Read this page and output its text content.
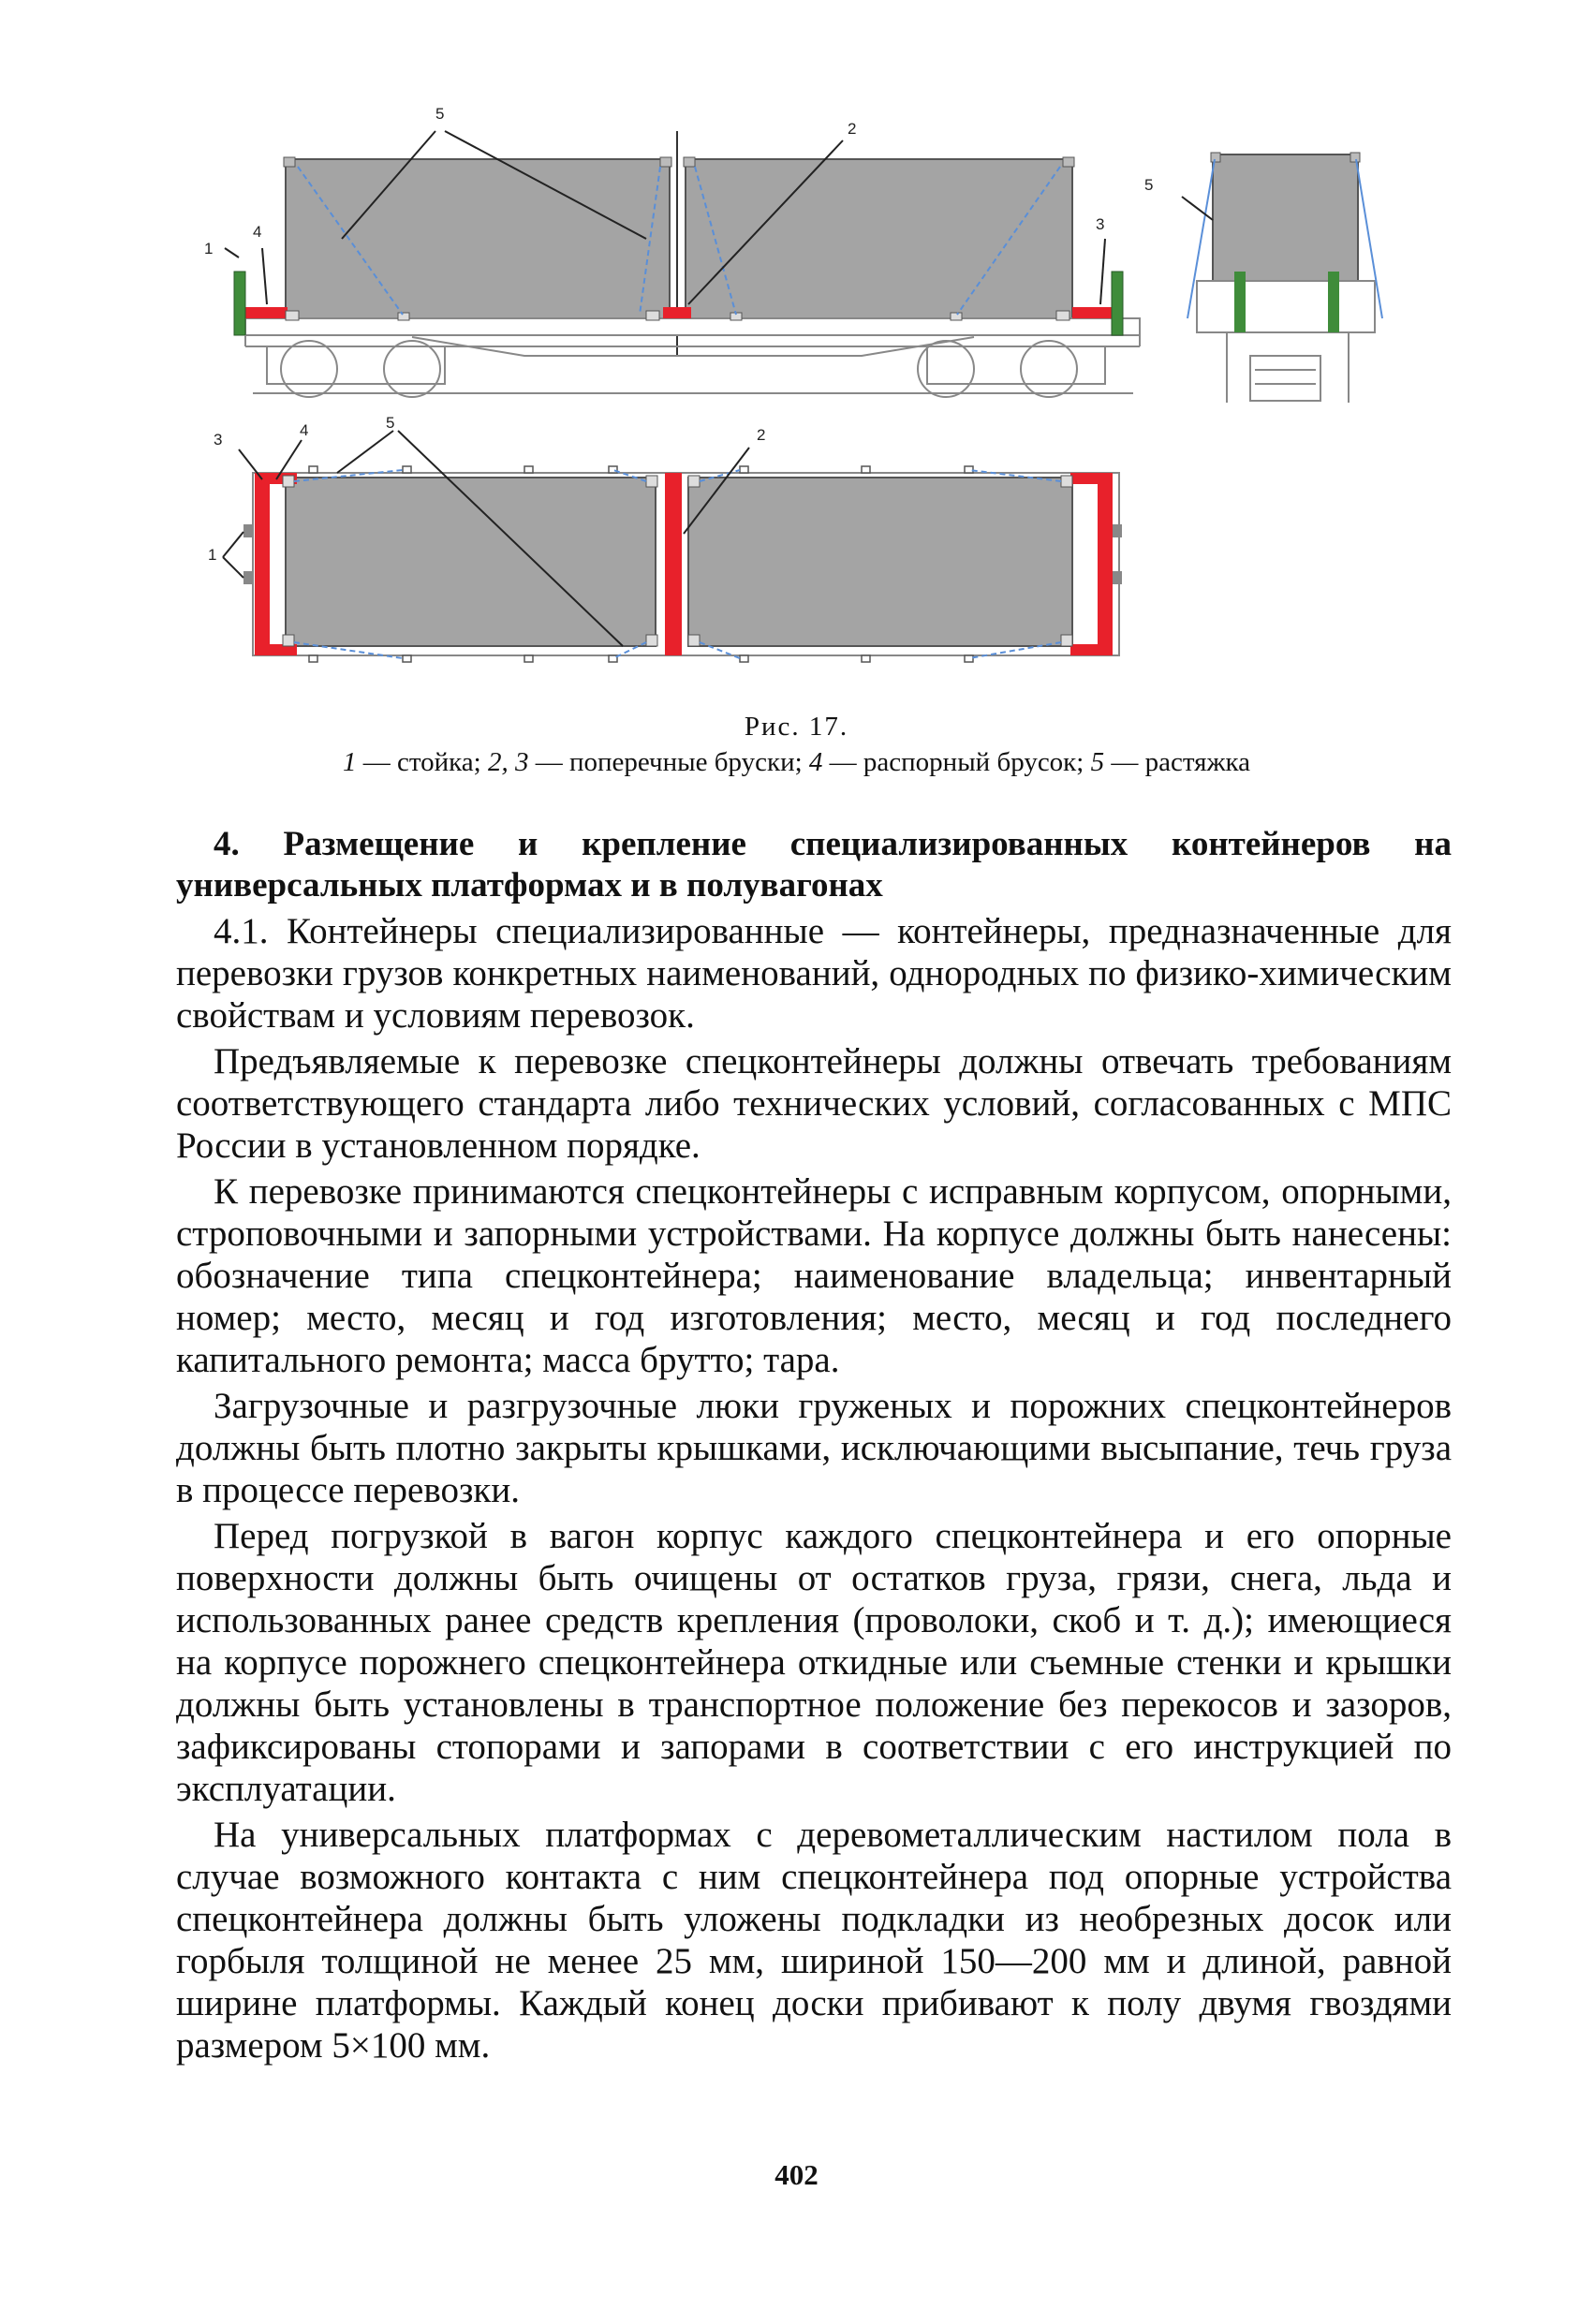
5
2
3
4
1
5
3
4	5
2
1
Рис. 17.
1 — стойка; 2, 3 — поперечные бруски; 4 — распорный брусок; 5 — растяжка
4. Размещение и крепление специализированных контейнеров на универсальных платформах и в полувагонах

4.1. Контейнеры специализированные — контейнеры, предназначенные для перевозки грузов конкретных наименований, однородных по физико-химическим свойствам и условиям перевозок.

Предъявляемые к перевозке спецконтейнеры должны отвечать требованиям соответствующего стандарта либо технических условий, согласованных с МПС России в установленном порядке.

К перевозке принимаются спецконтейнеры с исправным корпусом, опорными, строповочными и запорными устройствами. На корпусе должны быть нанесены: обозначение типа спецконтейнера; наименование владельца; инвентарный номер; место, месяц и год изготовления; место, месяц и год последнего капитального ремонта; масса брутто; тара.

Загрузочные и разгрузочные люки груженых и порожних спецконтейнеров должны быть плотно закрыты крышками, исключающими высыпание, течь груза в процессе перевозки.

Перед погрузкой в вагон корпус каждого спецконтейнера и его опорные поверхности должны быть очищены от остатков груза, грязи, снега, льда и использованных ранее средств крепления (проволоки, скоб и т. д.); имеющиеся на корпусе порожнего спецконтейнера откидные или съемные стенки и крышки должны быть установлены в транспортное положение без перекосов и зазоров, зафиксированы стопорами и запорами в соответствии с его инструкцией по эксплуатации.

На универсальных платформах с деревометаллическим настилом пола в случае возможного контакта с ним спецконтейнера под опорные устройства спецконтейнера должны быть уложены подкладки из необрезных досок или горбыля толщиной не менее 25 мм, шириной 150—200 мм и длиной, равной ширине платформы. Каждый конец доски прибивают к полу двумя гвоздями размером 5×100 мм.

402
